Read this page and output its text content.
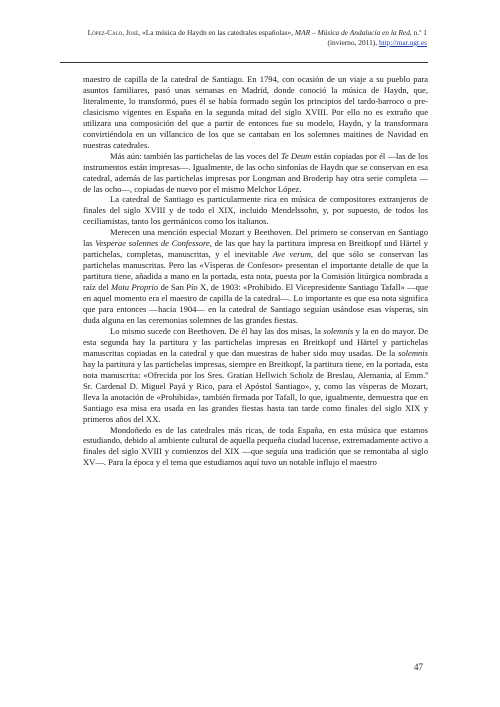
López-Calo, José, «La música de Haydn en las catedrales españolas», MAR – Música de Andalucía en la Red, n.º 1 (invierno, 2011), http://mar.ugr.es

maestro de capilla de la catedral de Santiago. En 1794, con ocasión de un viaje a su pueblo para asuntos familiares, pasó unas semanas en Madrid, donde conoció la música de Haydn, que, literalmente, lo transformó, pues él se había formado según los principios del tardo-barroco o pre-clasicismo vigentes en España en la segunda mitad del siglo XVIII. Por ello no es extraño que utilizara una composición del que a partir de entonces fue su modelo, Haydn, y la transformara convirtiéndola en un villancico de los que se cantaban en los solemnes maitines de Navidad en nuestras catedrales.

Más aún: también las partichelas de las voces del Te Deum están copiadas por él —las de los instrumentos están impresas—. Igualmente, de las ocho sinfonías de Haydn que se conservan en esa catedral, además de las partichelas impresas por Longman and Broderip hay otra serie completa —de las ocho—, copiadas de nuevo por el mismo Melchor López.

La catedral de Santiago es particularmente rica en música de compositores extranjeros de finales del siglo XVIII y de todo el XIX, incluido Mendelssohn, y, por supuesto, de todos los ceciliamistas, tanto los germánicos como los italianos.

Merecen una mención especial Mozart y Beethoven. Del primero se conservan en Santiago las Vesperae solennes de Confessore, de las que hay la partitura impresa en Breitkopf und Härtel y partichelas, completas, manuscritas, y el inevitable Ave verum, del que sólo se conservan las partichelas manuscritas. Pero las «Vísperas de Confesor» presentan el importante detalle de que la partitura tiene, añadida a mano en la portada, esta nota, puesta por la Comisión litúrgica nombrada a raíz del Motu Proprio de San Pío X, de 1903: «Prohibido. El Vicepresidente Santiago Tafall» —que en aquel momento era el maestro de capilla de la catedral—. Lo importante es que esa nota significa que para entonces —hacia 1904— en la catedral de Santiago seguían usándose esas vísperas, sin duda alguna en las ceremonias solemnes de las grandes fiestas.

Lo mismo sucede con Beethoven. De él hay las dos misas, la solemnis y la en do mayor. De esta segunda hay la partitura y las partichelas impresas en Breitkopf und Härtel y partichelas manuscritas copiadas en la catedral y que dan muestras de haber sido muy usadas. De la solemnis hay la partitura y las partichelas impresas, siempre en Breitkopf, la partitura tiene, en la portada, esta nota manuscrita: «Ofrecida por los Sres. Gratian Hellwich Scholz de Breslau, Alemania, al Emm.º Sr. Cardenal D. Miguel Payá y Rico, para el Apóstol Santiago», y, como las vísperas de Mozart, lleva la anotación de «Prohibida», también firmada por Tafall, lo que, igualmente, demuestra que en Santiago esa misa era usada en las grandes fiestas hasta tan tarde como finales del siglo XIX y primeros años del XX.

Mondoñedo es de las catedrales más ricas, de toda España, en esta música que estamos estudiando, debido al ambiente cultural de aquella pequeña ciudad lucense, extremadamente activo a finales del siglo XVIII y comienzos del XIX —que seguía una tradición que se remontaba al siglo XV—. Para la época y el tema que estudiamos aquí tuvo un notable influjo el maestro

47
